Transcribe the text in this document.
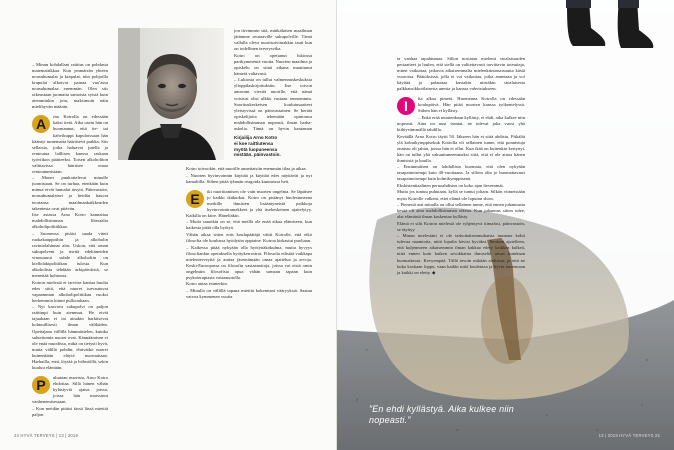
– Minun kohdallani raittius on pohdasta matematiikkaa. Kun ymmärrän yhteen nousuhumalat ja krapulat, niin pohjoilla krapulat alkoivat painaa vaa’assa nousuhumalaa enemmän. Olen siis oikeastaan juomatta samoista syistä kuin aiemminkin join, maksimoin näin mielihyvän määrän.

A	rno Kotrolla on edessään kaksi tietä. Aika usein hän on huomannut, että ite- tai kahvikuppi kapuloissaan hän kääntyi tuntematta häiritsevä paikka. Siis sellaisia, jotka haluavat jutella ja rentoutua laillisen kanssa raskaan työviikon päätteeksi. Toisen alkoholiton valittavissa häiritsee omaa rentoutumistaan.

– Monet puukottelevat minulle juomistaan. Se on turhaa, etenkään kuin minua eivät humalat ärsytä. Päinvastoin, nousuhumalaiset ja heidän hauvat teoriansa maailmankaikkeuden takentesta ovat pitävän.

Itse asiassa Arno Kotro kannattaa mahdollisimman liberaalia alkoholipolitiikkaa.

– Suomessa pitäisi saada viinit ruokakauppoihin ja alkoholin ravintolahinnat alas. Uskon, että oman sukupolveni ja meitä edeltäneiden vinoutunut suhde alkoholiin on kiellolakipolitiikan tulosta. Kun alkoholista tehdään arkipäiväistä, se menettää hohtonsa.

Kotron mielestä ei tarvitse kantaa huolta edes siitä, että nuoret turvautuvat vapaamman alkoholipolitiikan vuoksi herkemmin kiinni pulloonkaan.

– Nyt kasvava sukupolvi on paljon raittimpi kuin aiemmat. He eivät tajuakaan ei tai ainakin harkitsevat kohtuullisesti ilman välikäden. Opettajana vällillä hämmästelen, kuinka suhtettomia nuoret ovat. Kännäämisen ei ole enää muodissa, mikä on tietysti hyvä, mutta välillä pohdin, ehtivätkö nuoret kuinenkään eläytä nuoruuttaan. Harhailla, eteä, löytää ja hölmöillä, sekin kuuluu elämään.

P	uhutaan nuorista, Arno Kotro ehdottaa. Sillä hänen vähän kylästyvät ajatus joissa, joissa hän marssinut vanhenemisestaan.

– Kun meidän pitäisi tässä lässä miettiä paljon

Kirjailija Arno Kotro ei koe raittiutensa myötä luopuneensa mistään. päinvastoin.

jon tiivimmin sitä, minkälaisen maailman jätämme seuraaville sukupolville. Tämä vallalla oleva nuorisotviinakkin tauti kun on todellinen terveysvika.

Kotro on opettanut lukiossa parikymmentä vuotta. Nuorten maailma ja opiskelu on siinä aikana muuttunut hämetä valtavasti.

– Lukiosta on tullut valmennuskeskuksia ylioppilaskirjoituksiin. Itse toivon antavani viestiä nuorille, että nämä voisivat olisi ulkkö vastaan rennommin. Suorituskeskeisen koulutusaatteet yleistyvissä on päinvastainen. Se kertää opiskelijoita tekemään opintonsa mahdollisimman nopeasti, ilman harha-askelia. Tämä on hyvin kantaman

Kotro toivookin, että nuorille annettaisiin enemmän tilaa ja aikaa.

– Nuorten hyvinvoinnin käyttää ja käyttää edes näyttävät ja nyt kamaliilla. Siihen pitää tyhmän reagoida kunnasssa heti.

E	iki nuorittamisen ole vain nuorten ongelma. Se läpäisee jo kaikki ikäluokat. Kotro on pistänyt huolestuneena merkille ihmisten lisääntyneistä paikkoja hyvinvointiramekkeet ja yhä itsekeskeinen ajattelytyy. Kaikilla on kiire. Häneltäkin.

– Mutta sanoikin on se, että meillä ole enää aikaa elämiseen, kun kaikesta pitää olla hyötyä.

Vähän aikaa sitten eräs koulupäätäjä väitti Kotrolle, että eikö filosofia ole koulussa hyödytön oppiaine. Kotroa kirkastui puoliaan.

– Kaikessa pitää nykyään olla hyötynäkökulma, mutta hyvyys filosofiankin opetuksella hyötykerrostrot. Filosofia edistää vaikkapa mielenterveyttä ja auttaa jäsentämään omaa ajattelua ja arvoja. Keski-Euroopassa on filosofin vastaanottoja, joissa voi etsiä omin ongelmiin filosofista apua vähän samaan tapaan kuin psykoterapiasta vastaanotolla.

Kotro antaa esimerkin.

– Minulla on vällillä tapana miettiä kokemiani vääryyksiä. Saatan vatvoa kymmenen vuotta

24 HYVÄ TERVEYS | 13 | 2019

ta vanhaa tapahtumaa. Sillon nostatan mielemi stoalaisuuden periaatteet ja luulen, että siellä on valitettavasti tarvittavin toteuttaja, miten vaikuttaa, jatkavia aikaisemmalta mielenkiintonaisuutta kästä vuorossa. Päätöksissä, jolla ei voi vaikuttaa, jotka annetaan ja voi käyttää ja palauttaa kustakin niistäkin stoalaisesta palkkausikkotilaisesta unesta ja kanssa vahvistukseen.

I	lta alkaa pimetä. Huomenna Kotrolla on edessään koulupäivä. Hän pitää nuorten kanssa työkentelyssä. Siihen hän ei kyllästy.

– Enkä erää muutenkaan kyllästy, ei ehdi, aika kulkee niin nopeasti. Aina on uusi tsentai, ne tulevat joka vuosi yhä kiihtyvämmällä tahdilla.

Keväällä Arno Kotro täytti 50. Iäkseen hän ei siitä ahdistu. Pitkältä ylä kolmikymppisekuk Kotrolla oli sellainen tunne, että ponnistuja onnistu oli jahtai, joissa hän ei ollut. Kun ikää on kuitenkin kertynyt, hän on tullut yhä vakuuttuneemmaksi siitä, että ei ole ainoa hänen ihmisistä ja kuulla.

– Ensimmäisen on lohdullista huomata, että olen nykyään tasapainoisempi kuin 40-vuotiaana. Ja silloin olin jo huomattavasti tasapainoisempi kuin kolmikymppisenä.

Ekskistentiaalinen peruoahdistus on koko ajan lievemmät.

Mutta jos tuntuu puhutaan, kyllä se tuntui joltain. Silkön viimeistään myös Kotrolle valkeni, ettei elämä ole loputon show.

– Pienestä asti minulla on ollut sellainen tunne, että ennen juhanuusta kesää oli aina mahdollisimman oikeaa. Kun juhannus sitten tulee, alat elämästä ilman kaskentaa kyllästy.

Elämä ei silti Kotron mielestä ole tyhjentyvä tiimalasi, päinvastoin, se täyttyy.

– Minun mielestäni ei ole tarkoituksenmukaista tuumata kohti tulevaa naamioita, niitä lopulta kävisi hyväksi. Ihmisen ajatelleen, että kuljenmeen aikaisemmin ilman kakkaa edety kaikkea kulkeä, niitä ennen kuin kaiken arvokkaina ihmiseltä aivan kuinkaan huomattavaa. Kevyempää. Tällä tavoin mikään ahdistua, ja että ne kuka koskaan loppu, vaan kaikki mitä kuulentaa ja hyvin tuntemaan ja kaikki on eletty. ◆

”En ehdi kyllästyä. Aika kulkee niin nopeasti.”
13 | 2019 HYVÄ TERVEYS 25
